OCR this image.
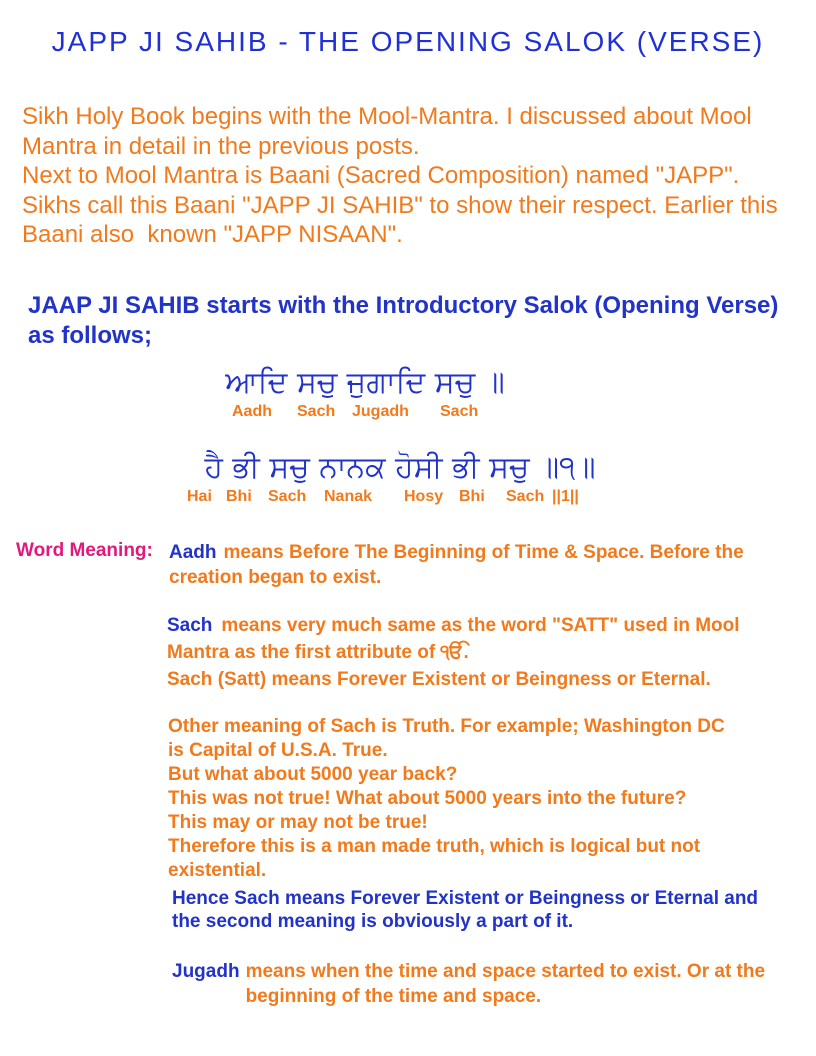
JAPP JI SAHIB - THE OPENING SALOK (VERSE)
Sikh Holy Book begins with the Mool-Mantra. I discussed about Mool
Mantra in detail in the previous posts.
Next to Mool Mantra is Baani (Sacred Composition) named "JAPP".
Sikhs call this Baani "JAPP JI SAHIB" to show their respect. Earlier this
Baani also  known "JAPP NISAAN".
JAAP JI SAHIB starts with the Introductory Salok (Opening Verse)
as follows;
ਆਦਿ ਸਚੁ ਜੁਗਾਦਿ ਸਚੁ ॥
Aadh Sach Jugadh Sach
ਹੈ ਭੀ ਸਚੁ ਨਾਨਕ ਹੋਸੀ ਭੀ ਸਚੁ ॥੧॥
Hai Bhi Sach Nanak Hosy Bhi Sach ||1||
Word Meaning: Aadh means Before The Beginning of Time & Space. Before the
creation began to exist.
Sach means very much same as the word "SATT" used in Mool
Mantra as the first attribute of ੴ.
Sach (Satt) means Forever Existent or Beingness or Eternal.
Other meaning of Sach is Truth. For example; Washington DC
is Capital of U.S.A. True.
But what about 5000 year back?
This was not true! What about 5000 years into the future?
This may or may not be true!
Therefore this is a man made truth, which is logical but not
existential.
Hence Sach means Forever Existent or Beingness or Eternal and
the second meaning is obviously a part of it.
Jugadh means when the time and space started to exist. Or at the
beginning of the time and space.
